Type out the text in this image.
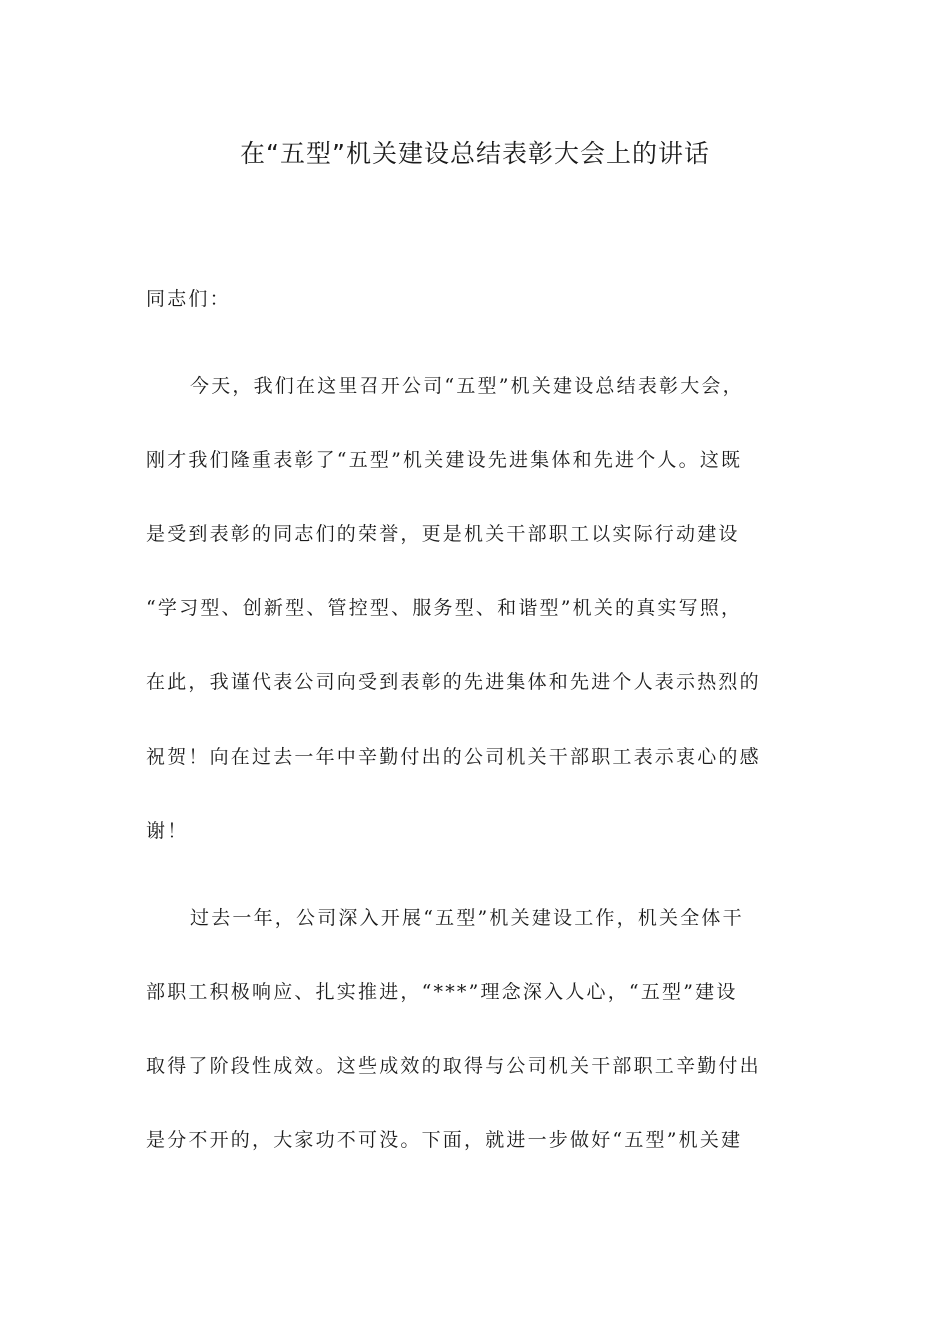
在“五型”机关建设总结表彰大会上的讲话

同志们：

今天，我们在这里召开公司“五型”机关建设总结表彰大会，

刚才我们隆重表彰了“五型”机关建设先进集体和先进个人。这既

是受到表彰的同志们的荣誉，更是机关干部职工以实际行动建设

“学习型、创新型、管控型、服务型、和谐型”机关的真实写照，

在此，我谨代表公司向受到表彰的先进集体和先进个人表示热烈的

祝贺！向在过去一年中辛勤付出的公司机关干部职工表示衷心的感

谢！

过去一年，公司深入开展“五型”机关建设工作，机关全体干

部职工积极响应、扎实推进，“***”理念深入人心，“五型”建设

取得了阶段性成效。这些成效的取得与公司机关干部职工辛勤付出

是分不开的，大家功不可没。下面，就进一步做好“五型”机关建
